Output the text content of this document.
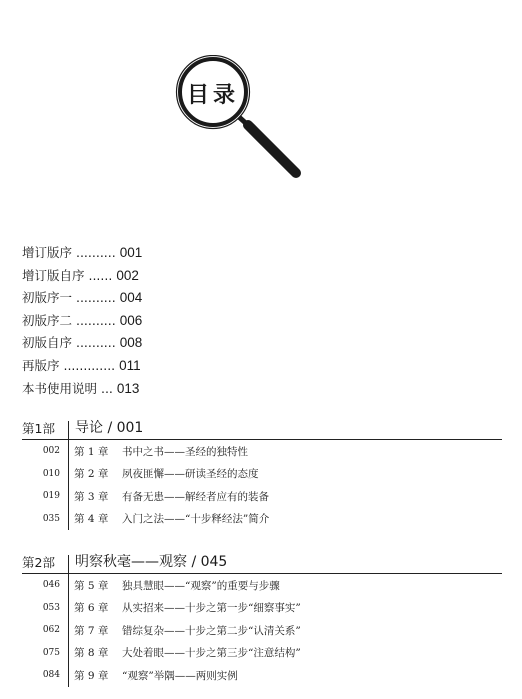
目录
增订版序 .......... 001
增订版自序 ...... 002
初版序一 .......... 004
初版序二 .......... 006
初版自序 .......... 008
再版序 ............. 011
本书使用说明 ... 013
第1部	导论 / 001
002 第 1 章	书中之书——圣经的独特性
010 第 2 章	夙夜匪懈——研读圣经的态度
019 第 3 章	有备无患——解经者应有的装备
035 第 4 章	入门之法——“十步释经法”简介
第2部	明察秋毫——观察 / 045
046 第 5 章	独具慧眼——“观察”的重要与步骤
053 第 6 章	从实招来——十步之第一步“细察事实”
062 第 7 章	错综复杂——十步之第二步“认清关系”
075 第 8 章	大处着眼——十步之第三步“注意结构”
084 第 9 章	“观察”举隅——两则实例
